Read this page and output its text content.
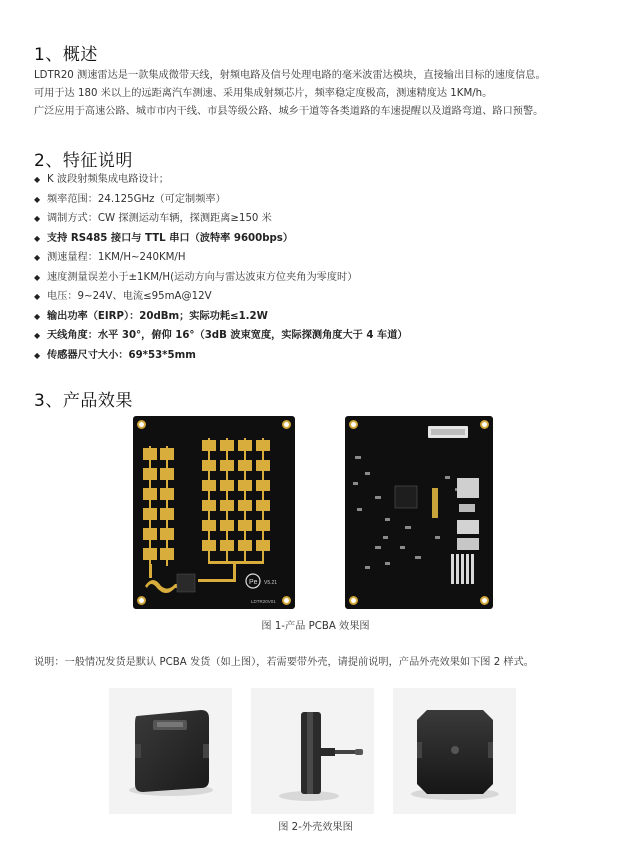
1、概述
LDTR20 测速雷达是一款集成微带天线，射频电路及信号处理电路的毫米波雷达模块，直接输出目标的速度信息。
可用于达 180 米以上的远距离汽车测速、采用集成射频芯片，频率稳定度极高，测速精度达 1KM/h。
广泛应用于高速公路、城市市内干线、市县等级公路、城乡干道等各类道路的车速提醒以及道路弯道、路口预警。
2、特征说明
◆ K 波段射频集成电路设计；
◆ 频率范围：24.125GHz（可定制频率）
◆ 调制方式：CW 探测运动车辆，探测距离≥150 米
◆ 支持 RS485 接口与 TTL 串口（波特率 9600bps）
◆ 测速量程：1KM/H~240KM/H
◆ 速度测量误差小于±1KM/H(运动方向与雷达波束方位夹角为零度时）
◆ 电压：9~24V、电流≤95mA@12V
◆ 输出功率（EIRP）：20dBm；实际功耗≤1.2W
◆ 天线角度：水平 30°，俯仰 16°（3dB 波束宽度，实际探测角度大于 4 车道）
◆ 传感器尺寸大小：69*53*5mm
3、产品效果
Pe V5.21
LDTR20V01
图 1-产品 PCBA 效果图
说明：一般情况发货是默认 PCBA 发货（如上图），若需要带外壳，请提前说明，产品外壳效果如下图 2 样式。
图 2-外壳效果图
